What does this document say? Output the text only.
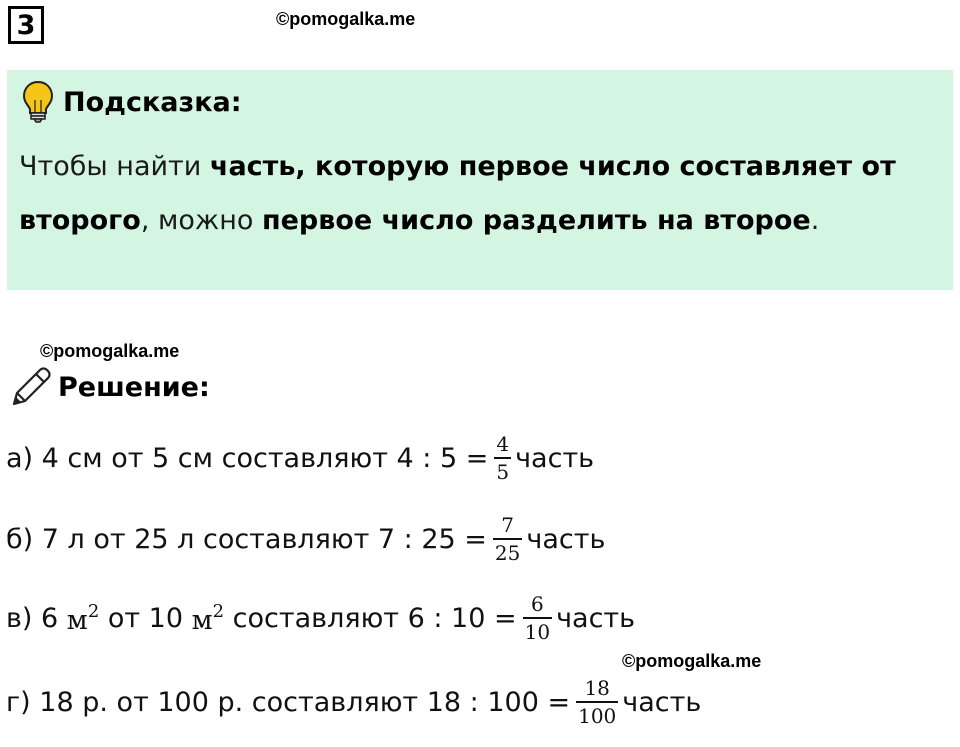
3	©pomogalka.me
Подсказка:
Чтобы найти часть, которую первое число составляет от второго, можно первое число разделить на второе.
©pomogalka.me
Решение:
а) 4 см от 5 см составляют 4 : $5 = \frac{4}{5}$ часть
б) 7 л от 25 л составляют 7 : $25 = \frac{7}{25}$ часть
в) 6 $м^2$ от 10 $м^2$ составляют 6 : $10 = \frac{6}{10}$ часть
©pomogalka.me
г) 18 р. от 100 р. составляют 18 : $100 = \frac{18}{100}$ часть
